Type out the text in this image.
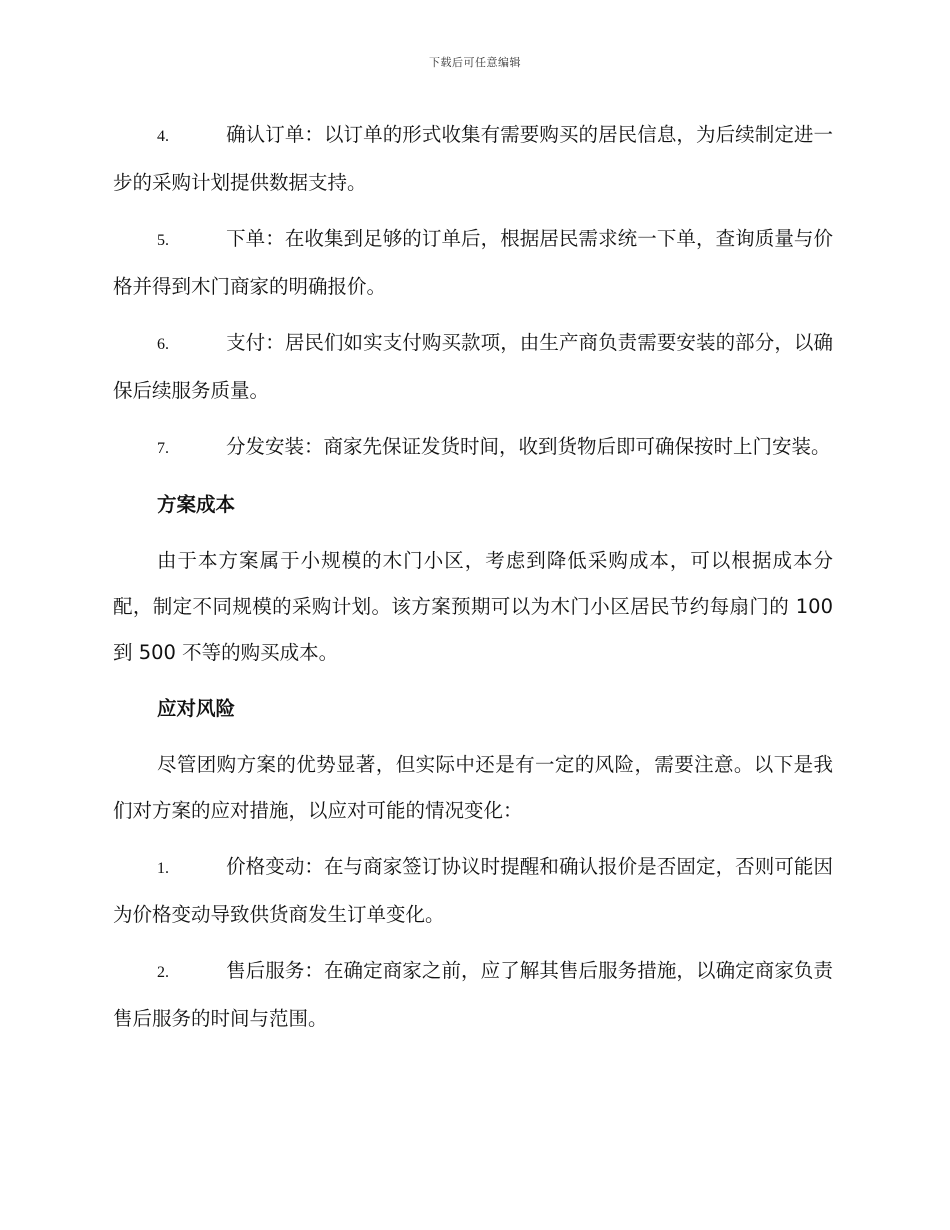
下载后可任意编辑

4.	确认订单：以订单的形式收集有需要购买的居民信息，为后续制定进一步的采购计划提供数据支持。

5.	下单：在收集到足够的订单后，根据居民需求统一下单，查询质量与价格并得到木门商家的明确报价。

6.	支付：居民们如实支付购买款项，由生产商负责需要安装的部分，以确保后续服务质量。

7.	分发安装：商家先保证发货时间，收到货物后即可确保按时上门安装。

方案成本

由于本方案属于小规模的木门小区，考虑到降低采购成本，可以根据成本分配，制定不同规模的采购计划。该方案预期可以为木门小区居民节约每扇门的 100 到 500 不等的购买成本。

应对风险

尽管团购方案的优势显著，但实际中还是有一定的风险，需要注意。以下是我们对方案的应对措施，以应对可能的情况变化：

1.	价格变动：在与商家签订协议时提醒和确认报价是否固定，否则可能因为价格变动导致供货商发生订单变化。

2.	售后服务：在确定商家之前，应了解其售后服务措施，以确定商家负责售后服务的时间与范围。
